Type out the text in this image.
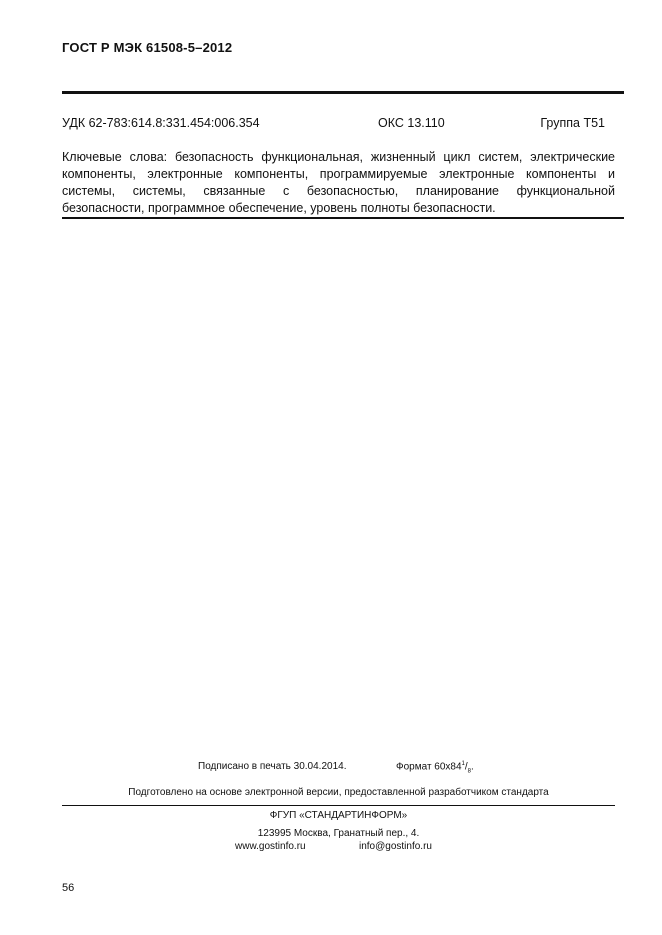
ГОСТ Р МЭК 61508-5–2012
УДК 62-783:614.8:331.454:006.354	ОКС 13.110	Группа Т51
Ключевые слова: безопасность функциональная, жизненный цикл систем, электрические компоненты, электронные компоненты, программируемые электронные компоненты и системы, системы, связанные с безопасностью, планирование функциональной безопасности, программное обеспечение, уровень полноты безопасности.
Подписано в печать 30.04.2014.	Формат $60х84^1/_8$.
Подготовлено на основе электронной версии, предоставленной разработчиком стандарта
ФГУП «СТАНДАРТИНФОРМ»
123995 Москва, Гранатный пер., 4.
www.gostinfo.ru	info@gostinfo.ru
56
